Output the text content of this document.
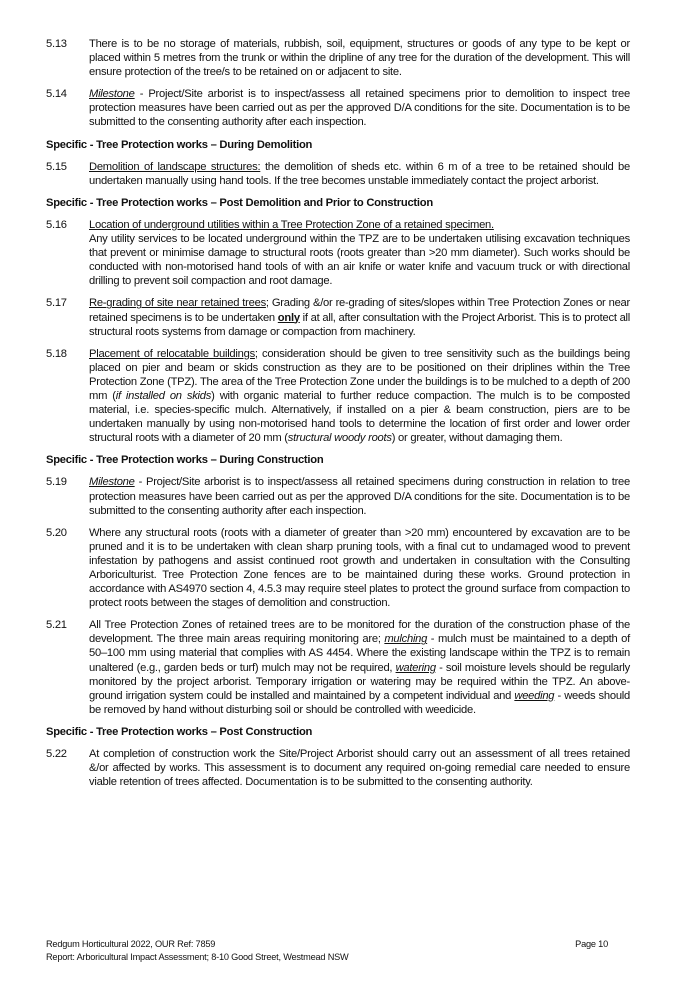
5.13	There is to be no storage of materials, rubbish, soil, equipment, structures or goods of any type to be kept or placed within 5 metres from the trunk or within the dripline of any tree for the duration of the development. This will ensure protection of the tree/s to be retained on or adjacent to site.
5.14	Milestone - Project/Site arborist is to inspect/assess all retained specimens prior to demolition to inspect tree protection measures have been carried out as per the approved D/A conditions for the site. Documentation is to be submitted to the consenting authority after each inspection.
Specific - Tree Protection works – During Demolition
5.15	Demolition of landscape structures: the demolition of sheds etc. within 6 m of a tree to be retained should be undertaken manually using hand tools. If the tree becomes unstable immediately contact the project arborist.
Specific - Tree Protection works – Post Demolition and Prior to Construction
5.16	Location of underground utilities within a Tree Protection Zone of a retained specimen.

Any utility services to be located underground within the TPZ are to be undertaken utilising excavation techniques that prevent or minimise damage to structural roots (roots greater than >20 mm diameter). Such works should be conducted with non-motorised hand tools of with an air knife or water knife and vacuum truck or with directional drilling to prevent soil compaction and root damage.

5.17	Re-grading of site near retained trees; Grading &/or re-grading of sites/slopes within Tree Protection Zones or near retained specimens is to be undertaken only if at all, after consultation with the Project Arborist. This is to protect all structural roots systems from damage or compaction from machinery.
5.18	Placement of relocatable buildings; consideration should be given to tree sensitivity such as the buildings being placed on pier and beam or skids construction as they are to be positioned on their driplines within the Tree Protection Zone (TPZ). The area of the Tree Protection Zone under the buildings is to be mulched to a depth of 200 mm (if installed on skids) with organic material to further reduce compaction. The mulch is to be composted material, i.e. species-specific mulch. Alternatively, if installed on a pier & beam construction, piers are to be undertaken manually by using non-motorised hand tools to determine the location of first order and lower order structural roots with a diameter of 20 mm (structural woody roots) or greater, without damaging them.
Specific - Tree Protection works – During Construction
5.19	Milestone - Project/Site arborist is to inspect/assess all retained specimens during construction in relation to tree protection measures have been carried out as per the approved D/A conditions for the site. Documentation is to be submitted to the consenting authority after each inspection.
5.20	Where any structural roots (roots with a diameter of greater than >20 mm) encountered by excavation are to be pruned and it is to be undertaken with clean sharp pruning tools, with a final cut to undamaged wood to prevent infestation by pathogens and assist continued root growth and undertaken in consultation with the Consulting Arboriculturist. Tree Protection Zone fences are to be maintained during these works. Ground protection in accordance with AS4970 section 4, 4.5.3 may require steel plates to protect the ground surface from compaction to protect roots between the stages of demolition and construction.
5.21	All Tree Protection Zones of retained trees are to be monitored for the duration of the construction phase of the development. The three main areas requiring monitoring are; mulching - mulch must be maintained to a depth of 50–100 mm using material that complies with AS 4454. Where the existing landscape within the TPZ is to remain unaltered (e.g., garden beds or turf) mulch may not be required, watering - soil moisture levels should be regularly monitored by the project arborist. Temporary irrigation or watering may be required within the TPZ. An above-ground irrigation system could be installed and maintained by a competent individual and weeding - weeds should be removed by hand without disturbing soil or should be controlled with weedicide.
Specific - Tree Protection works – Post Construction
5.22	At completion of construction work the Site/Project Arborist should carry out an assessment of all trees retained &/or affected by works. This assessment is to document any required on-going remedial care needed to ensure viable retention of trees affected. Documentation is to be submitted to the consenting authority.
Redgum Horticultural 2022, OUR Ref: 7859	Page 10
Report: Arboricultural Impact Assessment; 8-10 Good Street, Westmead NSW
